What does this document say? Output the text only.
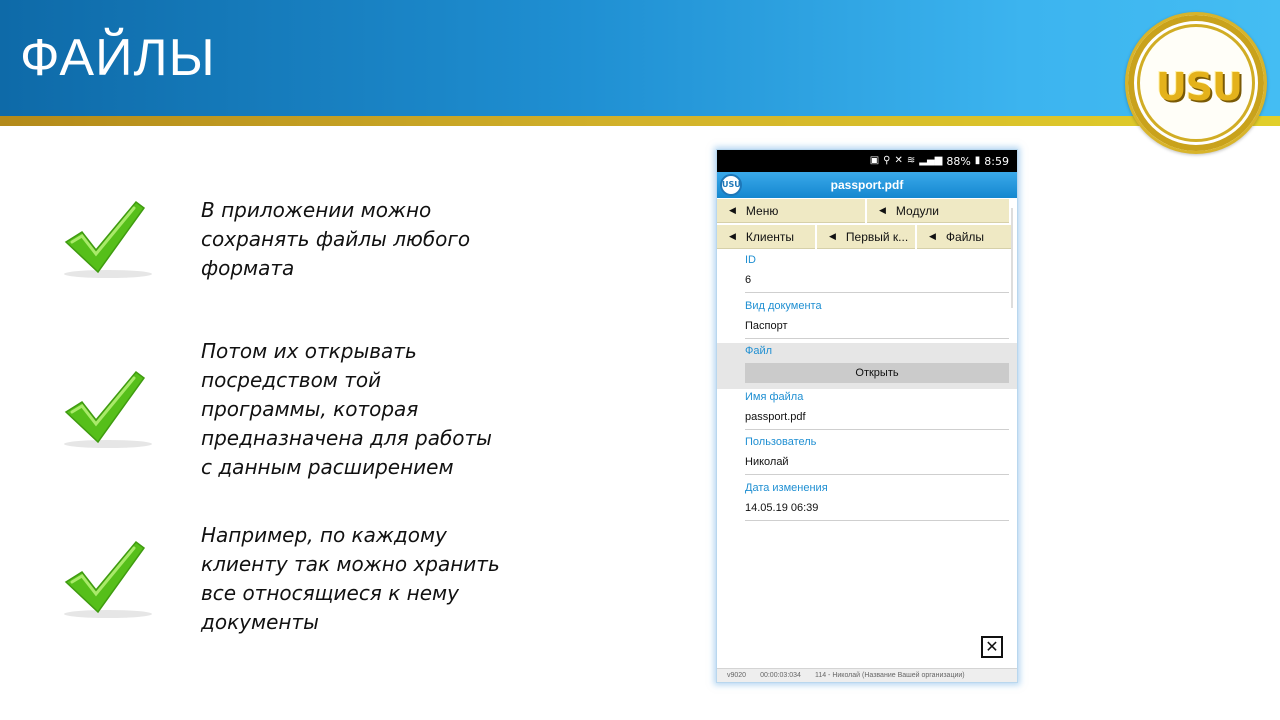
ФАЙЛЫ	USU
В приложении можно сохранять файлы любого формата
Потом их открывать посредством той программы, которая предназначена для работы с данным расширением
Например, по каждому клиенту так можно хранить все относящиеся к нему документы
▣ ⚲ ✕ ≋ ▂▄▆ 88% ▮ 8:59
passport.pdf
USU
◀ Меню	◀ Модули
◀ Клиенты	◀ Первый к... ◀ Файлы
ID
6
Вид документа
Паспорт
Файл
Открыть
Имя файла
passport.pdf
Пользователь
Николай
Дата изменения
14.05.19 06:39
✕
v9020 00:00:03:034 114 - Николай (Название Вашей организации)
